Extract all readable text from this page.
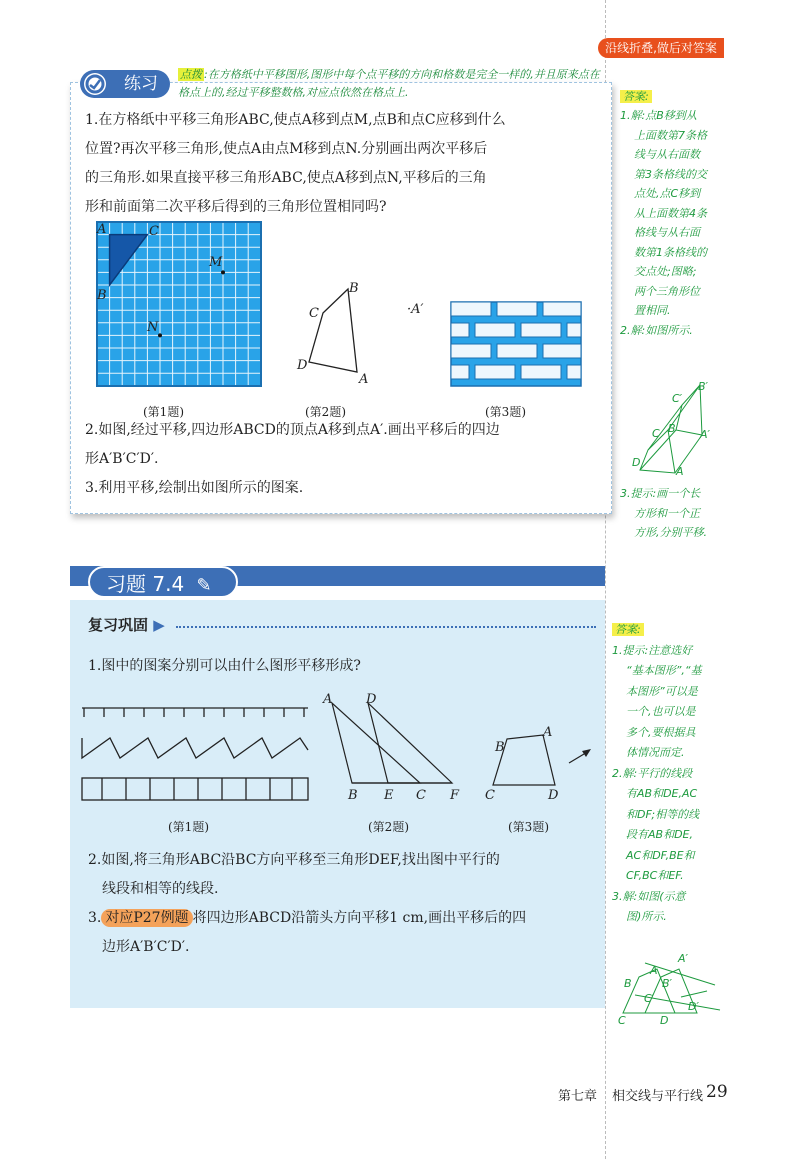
沿线折叠,做后对答案
练习	点拨 :在方格纸中平移图形,图形中每个点平移的方向和格数是完全一样的,并且原来点在格点上的,经过平移整数格,对应点依然在格点上.
1.在方格纸中平移三角形ABC,使点A移到点M,点B和点C应移到什么
位置?再次平移三角形,使点A由点M移到点N.分别画出两次平移后
的三角形.如果直接平移三角形ABC,使点A移到点N,平移后的三角
形和前面第二次平移后得到的三角形位置相同吗?
A	C
B
M
N
B
C
D
A
·A′
(第1题)	(第2题)	(第3题)
2.如图,经过平移,四边形ABCD的顶点A移到点A′.画出平移后的四边
形A′B′C′D′.
3.利用平移,绘制出如图所示的图案.
答案:
1.解:点B移到从
上面数第7条格
线与从右面数
第3条格线的交
点处,点C移到
从上面数第4条
格线与从右面
数第1条格线的
交点处;图略;
两个三角形位
置相同.
2.解:如图所示.
B′
C′
A′
B
C
D
A
3.提示:画一个长
方形和一个正
方形,分别平移.
习题 7.4 ✎
复习巩固 ▶
1.图中的图案分别可以由什么图形平移形成?
A	D
B E C F
B
A
C	D
(第1题)	(第2题)	(第3题)
2.如图,将三角形ABC沿BC方向平移至三角形DEF,找出图中平行的
线段和相等的线段.
3. 对应P27例题 将四边形ABCD沿箭头方向平移1 cm,画出平移后的四
边形A′B′C′D′.
答案:
1.提示:注意选好
“基本图形”,“基
本图形”可以是
一个,也可以是
多个,要根据具
体情况而定.
2.解:平行的线段
有AB和DE,AC
和DF;相等的线
段有AB和DE,
AC和DF,BE和
CF,BC和EF.
3.解:如图(示意
图)所示.
A′
A
B	B′
C′
D′
C	D
第七章 相交线与平行线 29
